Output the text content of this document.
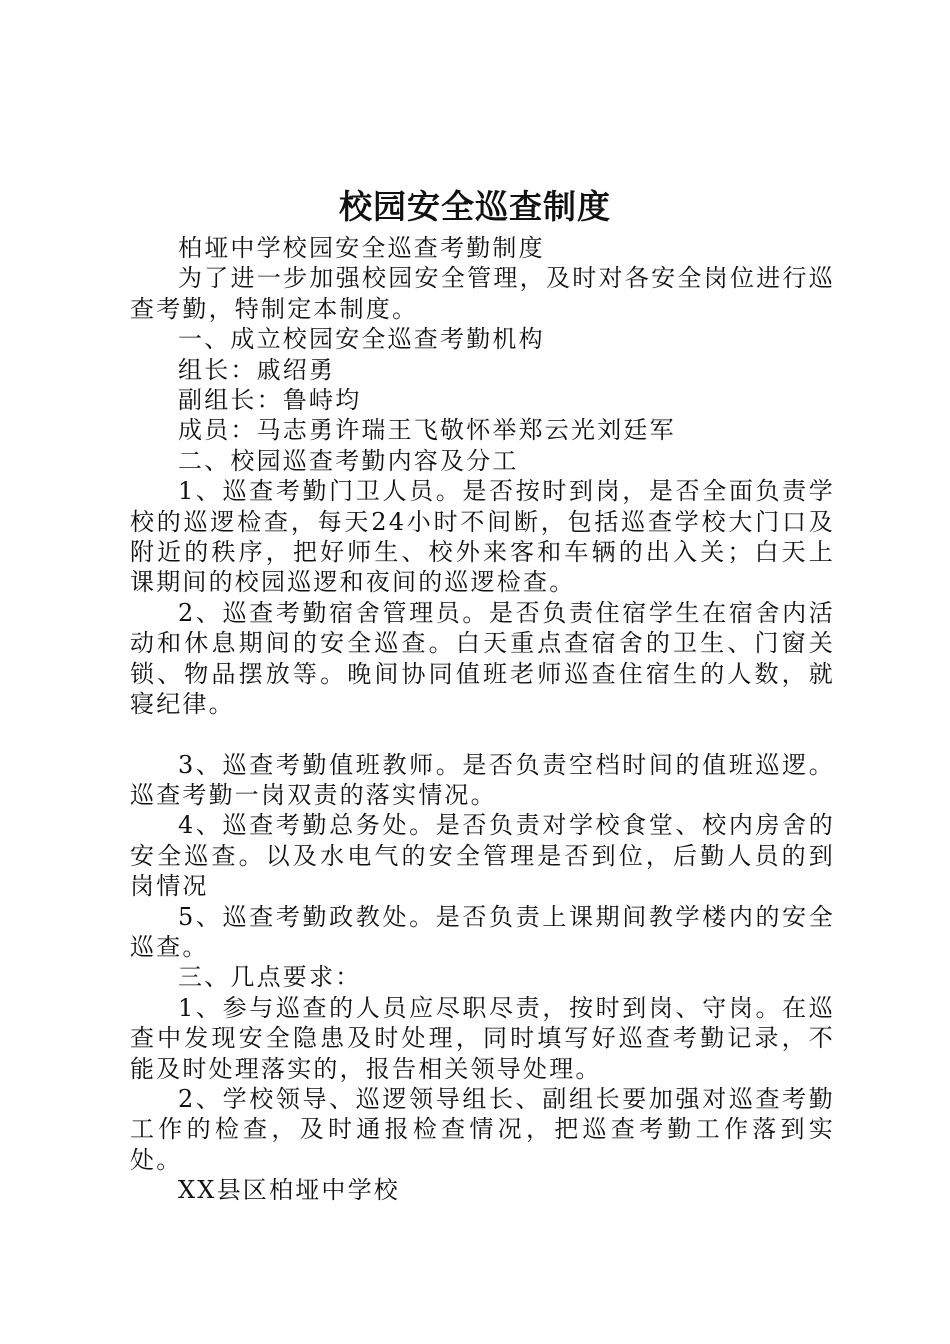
校园安全巡查制度

柏垭中学校园安全巡查考勤制度

为了进一步加强校园安全管理，及时对各安全岗位进行巡查考勤，特制定本制度。

一、成立校园安全巡查考勤机构

组长：戚绍勇

副组长：鲁峙均

成员：马志勇许瑞王飞敬怀举郑云光刘廷军

二、校园巡查考勤内容及分工

1、巡查考勤门卫人员。是否按时到岗，是否全面负责学校的巡逻检查，每天24小时不间断，包括巡查学校大门口及附近的秩序，把好师生、校外来客和车辆的出入关；白天上课期间的校园巡逻和夜间的巡逻检查。

2、巡查考勤宿舍管理员。是否负责住宿学生在宿舍内活动和休息期间的安全巡查。白天重点查宿舍的卫生、门窗关锁、物品摆放等。晚间协同值班老师巡查住宿生的人数，就寝纪律。

3、巡查考勤值班教师。是否负责空档时间的值班巡逻。巡查考勤一岗双责的落实情况。

4、巡查考勤总务处。是否负责对学校食堂、校内房舍的安全巡查。以及水电气的安全管理是否到位，后勤人员的到岗情况

5、巡查考勤政教处。是否负责上课期间教学楼内的安全巡查。

三、几点要求：

1、参与巡查的人员应尽职尽责，按时到岗、守岗。在巡查中发现安全隐患及时处理，同时填写好巡查考勤记录，不能及时处理落实的，报告相关领导处理。

2、学校领导、巡逻领导组长、副组长要加强对巡查考勤工作的检查，及时通报检查情况，把巡查考勤工作落到实处。

XX县区柏垭中学校
